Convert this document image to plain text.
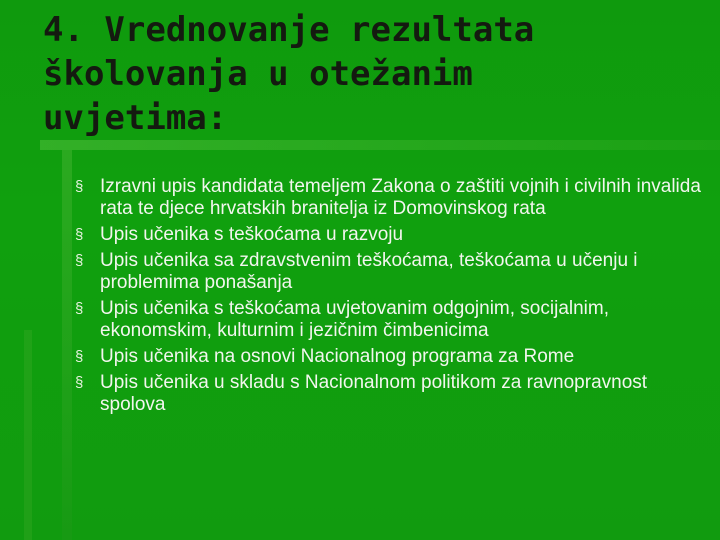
4. Vrednovanje rezultata
školovanja u otežanim
uvjetima:
§ Izravni upis kandidata temeljem Zakona o zaštiti vojnih i civilnih invalida rata te djece hrvatskih branitelja iz Domovinskog rata
§ Upis učenika s teškoćama u razvoju
§ Upis učenika sa zdravstvenim teškoćama, teškoćama u učenju i problemima ponašanja
§ Upis učenika s teškoćama uvjetovanim odgojnim, socijalnim, ekonomskim, kulturnim i jezičnim čimbenicima
§ Upis učenika na osnovi Nacionalnog programa za Rome
§ Upis učenika u skladu s Nacionalnom politikom za ravnopravnost spolova
